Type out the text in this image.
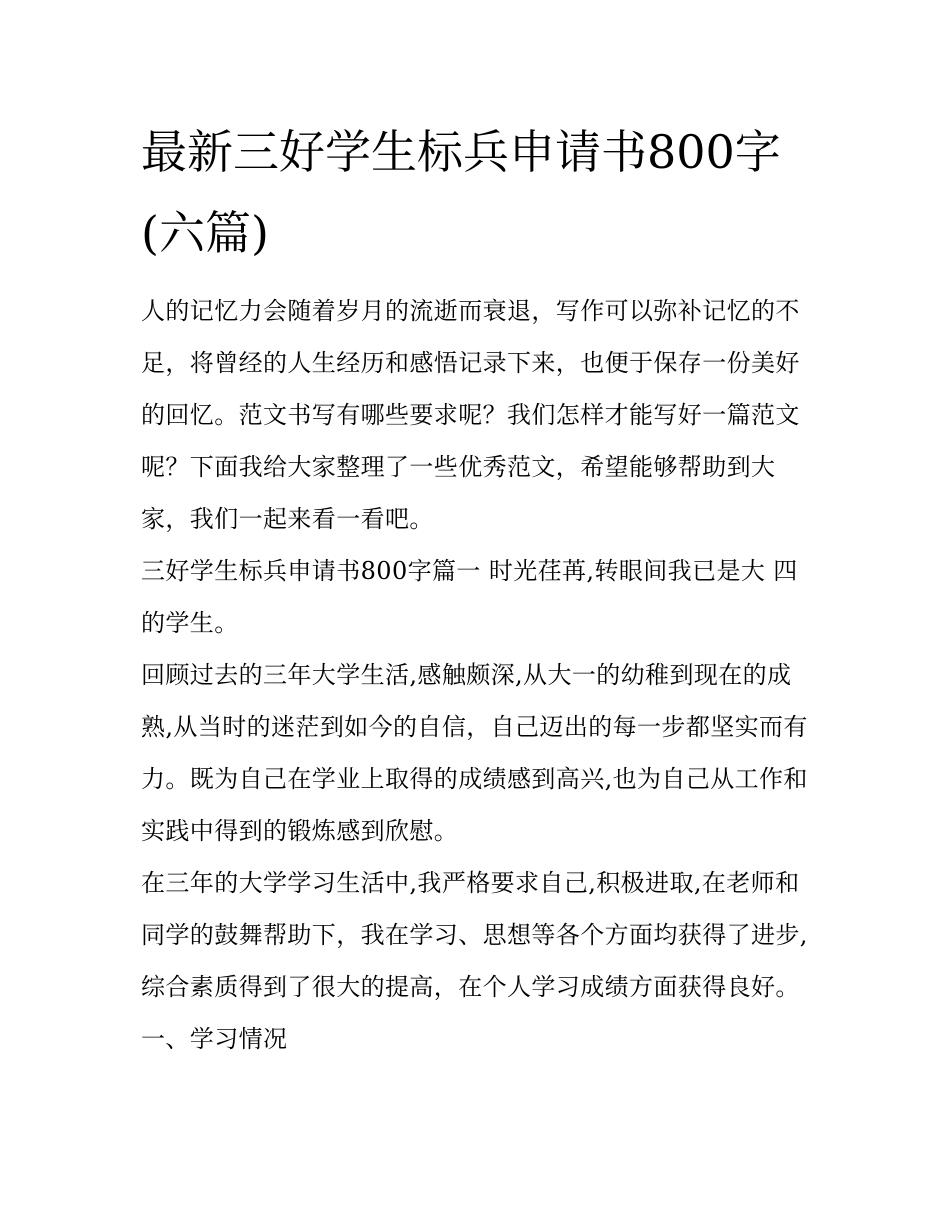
最新三好学生标兵申请书800字(六篇)

人的记忆力会随着岁月的流逝而衰退，写作可以弥补记忆的不足，将曾经的人生经历和感悟记录下来，也便于保存一份美好的回忆。范文书写有哪些要求呢？我们怎样才能写好一篇范文呢？下面我给大家整理了一些优秀范文，希望能够帮助到大家，我们一起来看一看吧。

三好学生标兵申请书800字篇一 时光荏苒,转眼间我已是大 四的学生。

回顾过去的三年大学生活,感触颇深,从大一的幼稚到现在的成熟,从当时的迷茫到如今的自信，自己迈出的每一步都坚实而有力。既为自己在学业上取得的成绩感到高兴,也为自己从工作和实践中得到的锻炼感到欣慰。

在三年的大学学习生活中,我严格要求自己,积极进取,在老师和同学的鼓舞帮助下，我在学习、思想等各个方面均获得了进步,综合素质得到了很大的提高，在个人学习成绩方面获得良好。

一、学习情况
